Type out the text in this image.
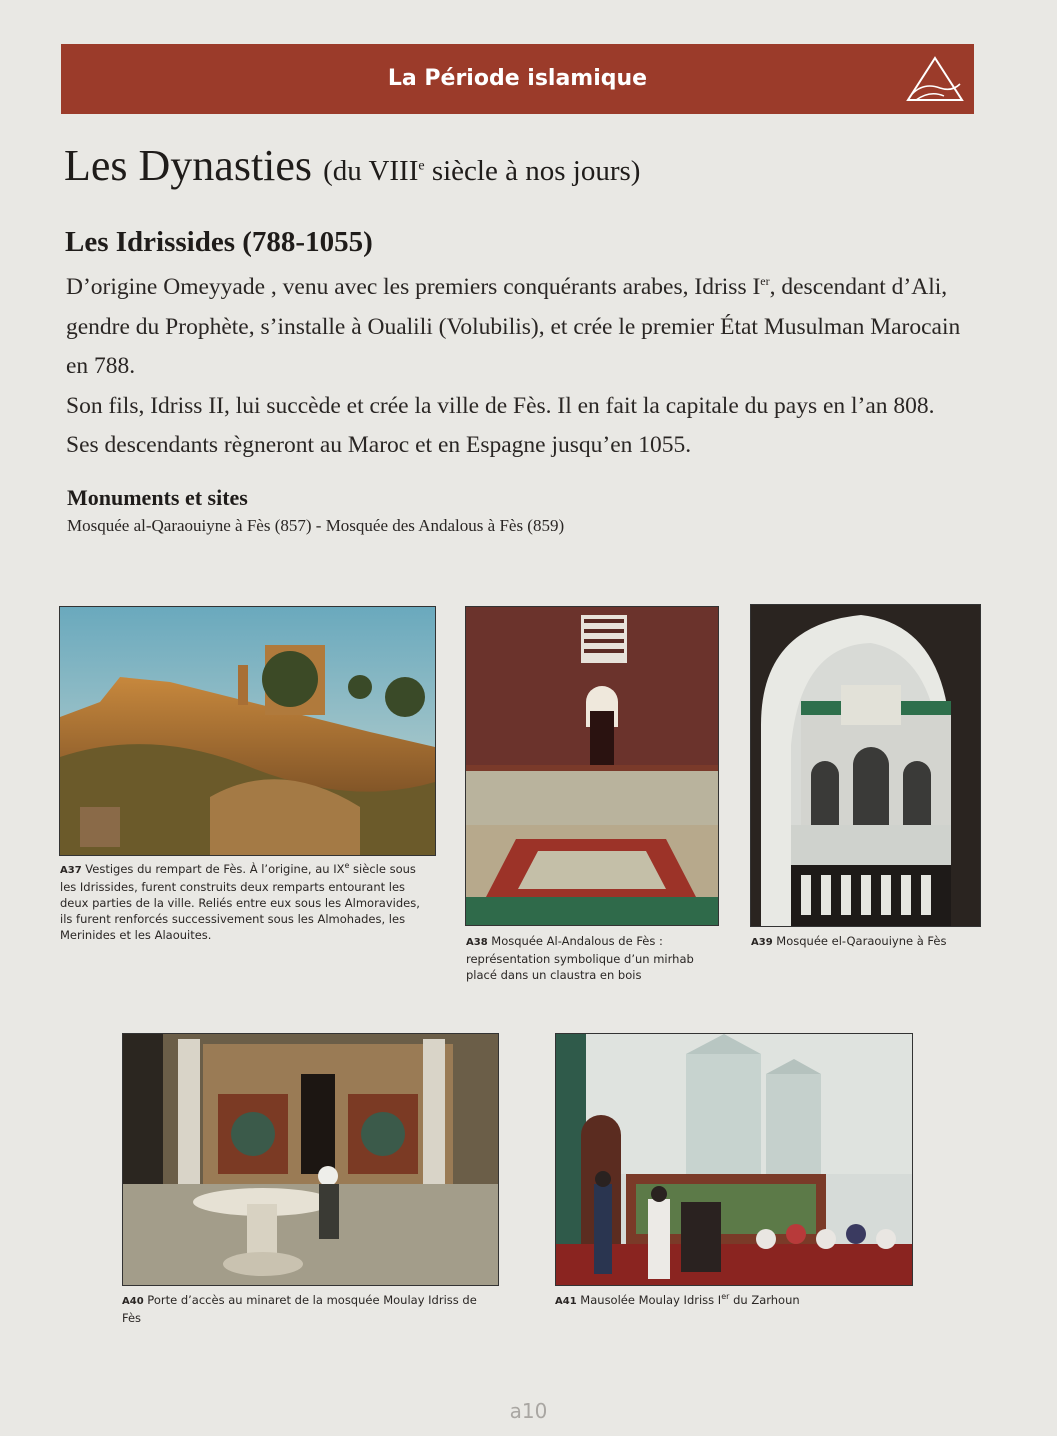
La Période islamique
Les Dynasties (du VIIIe siècle à nos jours)
Les Idrissides (788-1055)

D’origine Omeyyade , venu avec les premiers conquérants arabes, Idriss Ier, descendant d’Ali, gendre du Prophète, s’installe à Oualili (Volubilis), et crée le premier État Musulman Marocain en 788.

Son fils, Idriss II, lui succède et crée la ville de Fès. Il en fait la capitale du pays en l’an 808. Ses descendants règneront au Maroc et en Espagne jusqu’en 1055.

Monuments et sites
Mosquée al-Qaraouiyne à Fès (857) - Mosquée des Andalous à Fès (859)
A37 Vestiges du rempart de Fès. À l’origine, au IXe siècle sous les Idrissides, furent construits deux remparts entourant les deux parties de la ville. Reliés entre eux sous les Almoravides, ils furent renforcés successivement sous les Almohades, les Merinides et les Alaouites.
A38 Mosquée Al-Andalous de Fès : représentation symbolique d’un mirhab placé dans un claustra en bois
A39 Mosquée el-Qaraouiyne à Fès
A40 Porte d’accès au minaret de la mosquée Moulay Idriss de Fès
A41 Mausolée Moulay Idriss Ier du Zarhoun
a10
